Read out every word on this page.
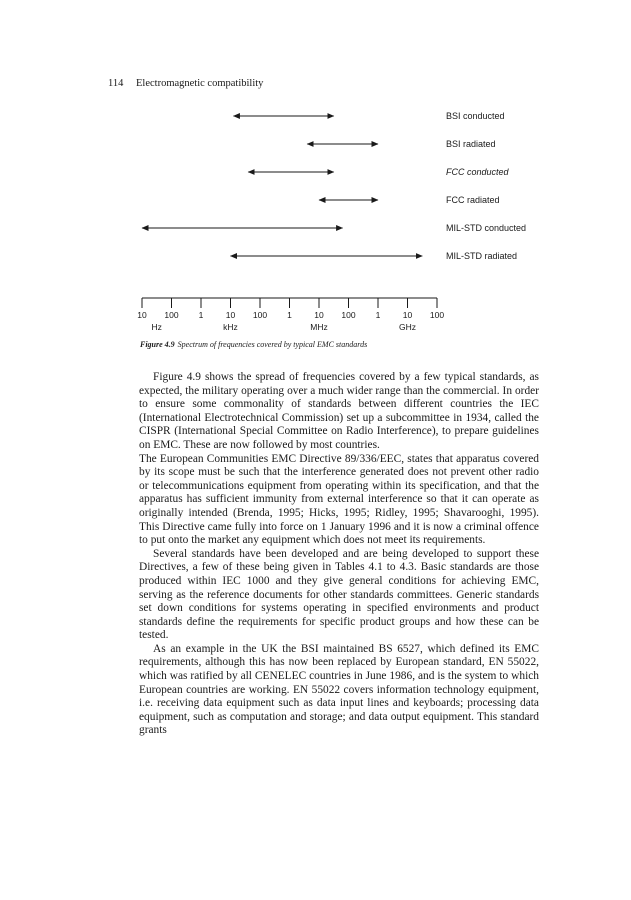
114 Electromagnetic compatibility
BSI conducted
BSI radiated
FCC conducted
FCC radiated
MIL-STD conducted
MIL-STD radiated
10 100 1	10 100 1	10 100 1	10 100
Hz	kHz	MHz	GHz
Figure 4.9 Spectrum of frequencies covered by typical EMC standards

Figure 4.9 shows the spread of frequencies covered by a few typical standards, as expected, the military operating over a much wider range than the commercial. In order to ensure some commonality of standards between different countries the IEC (International Electrotechnical Commission) set up a subcommittee in 1934, called the CISPR (International Special Committee on Radio Interference), to prepare guidelines on EMC. These are now followed by most countries.

The European Communities EMC Directive 89/336/EEC, states that apparatus covered by its scope must be such that the interference generated does not prevent other radio or telecommunications equipment from operating within its specification, and that the apparatus has sufficient immunity from external interference so that it can operate as originally intended (Brenda, 1995; Hicks, 1995; Ridley, 1995; Shavarooghi, 1995). This Directive came fully into force on 1 January 1996 and it is now a criminal offence to put onto the market any equipment which does not meet its requirements.

Several standards have been developed and are being developed to support these Directives, a few of these being given in Tables 4.1 to 4.3. Basic standards are those produced within IEC 1000 and they give general conditions for achieving EMC, serving as the reference documents for other standards committees. Generic standards set down conditions for systems operating in specified environments and product standards define the requirements for specific product groups and how these can be tested.

As an example in the UK the BSI maintained BS 6527, which defined its EMC requirements, although this has now been replaced by European standard, EN 55022, which was ratified by all CENELEC countries in June 1986, and is the system to which European countries are working. EN 55022 covers information technology equipment, i.e. receiving data equipment such as data input lines and keyboards; processing data equipment, such as computation and storage; and data output equipment. This standard grants
